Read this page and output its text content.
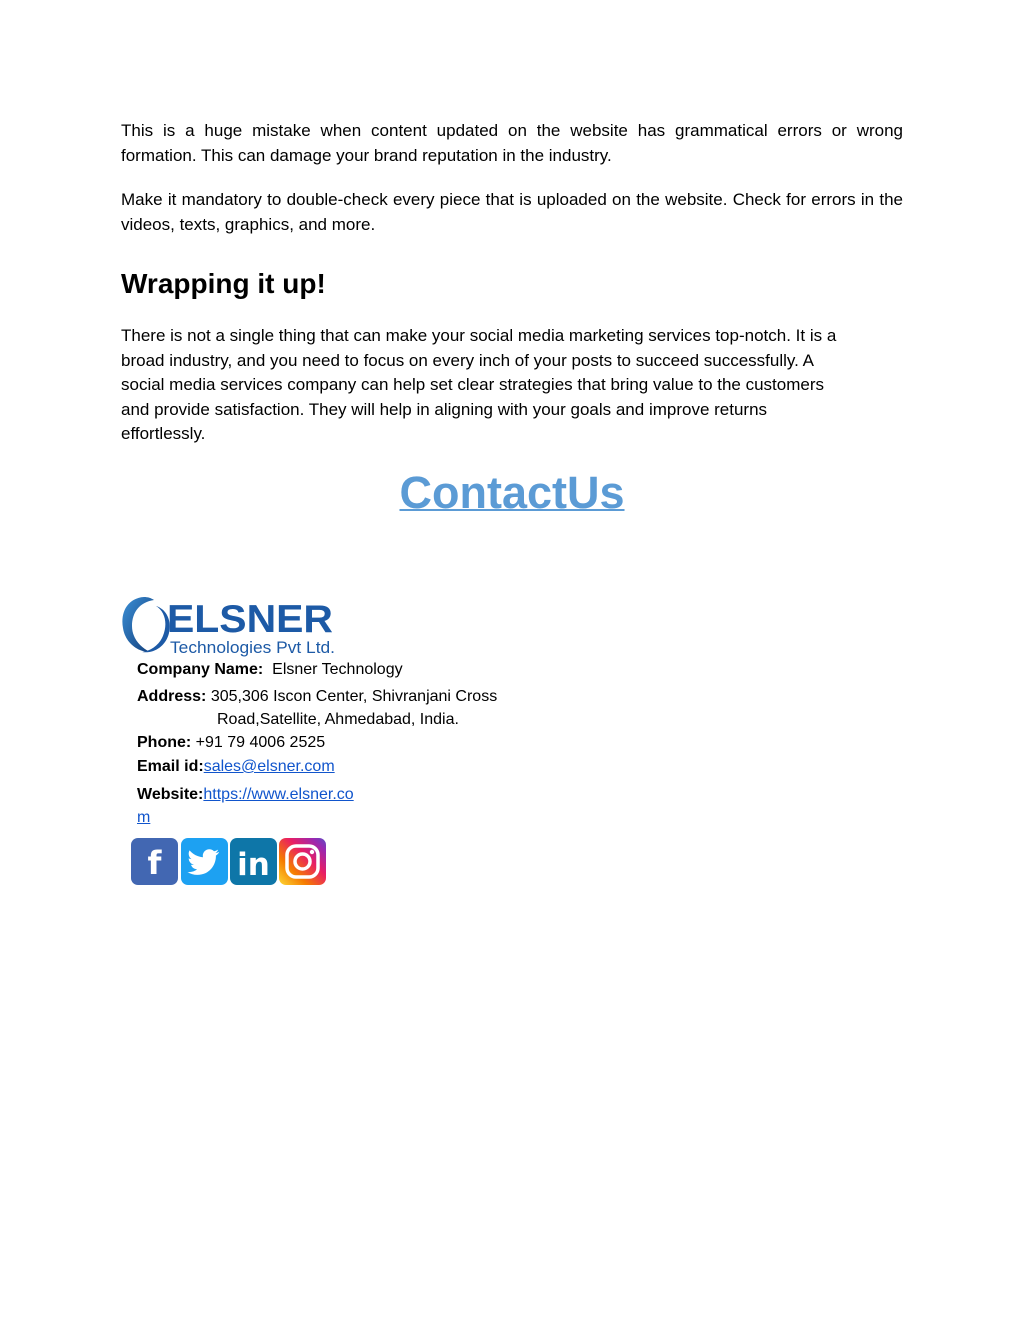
This is a huge mistake when content updated on the website has grammatical errors or wrong formation. This can damage your brand reputation in the industry.

Make it mandatory to double-check every piece that is uploaded on the website. Check for errors in the videos, texts, graphics, and more.

Wrapping it up!
There is not a single thing that can make your social media marketing services top-notch. It is a
broad industry, and you need to focus on every inch of your posts to succeed successfully. A
social media services company can help set clear strategies that bring value to the customers
and provide satisfaction. They will help in aligning with your goals and improve returns
effortlessly.
ContactUs
ELSNER
Technologies Pvt Ltd.
Company Name: Elsner Technology
Address: 305,306 Iscon Center, Shivranjani Cross
Road,Satellite, Ahmedabad, India.
Phone: +91 79 4006 2525
Email id:sales@elsner.com
Website:https://www.elsner.co
m
f in
